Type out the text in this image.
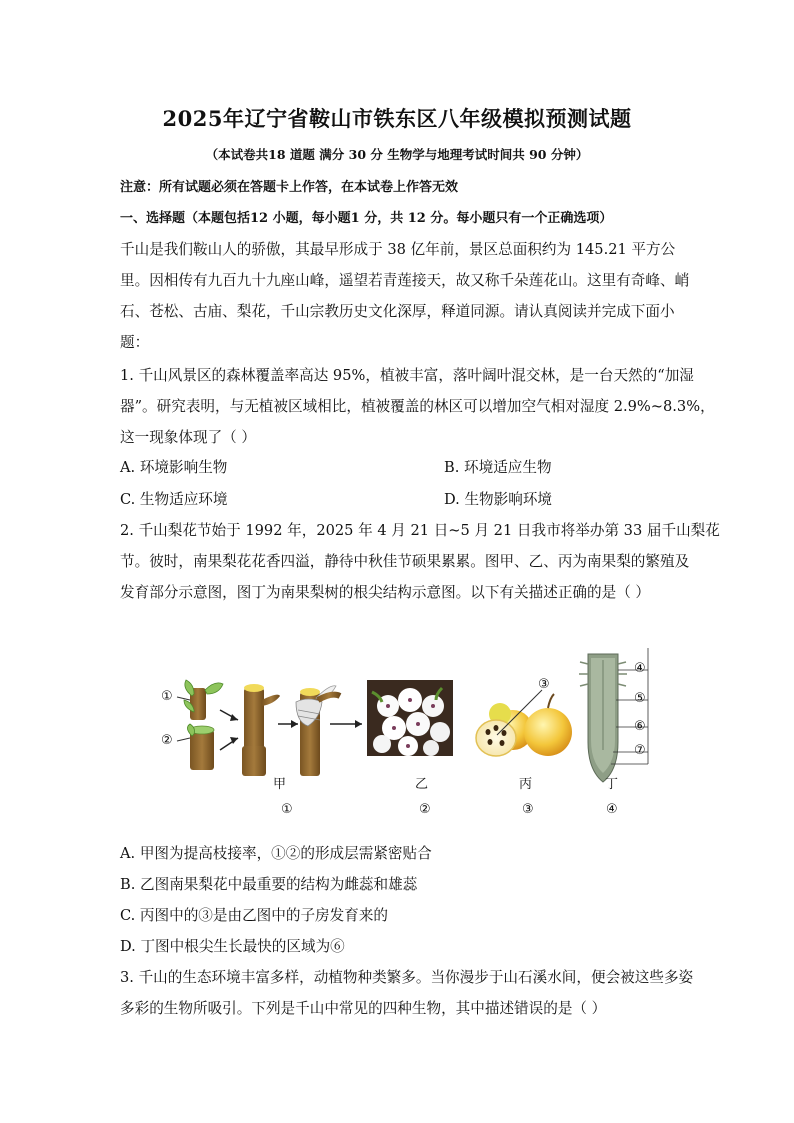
2025年辽宁省鞍山市铁东区八年级模拟预测试题
（本试卷共18 道题 满分 30 分 生物学与地理考试时间共 90 分钟）
注意：所有试题必须在答题卡上作答，在本试卷上作答无效
一、选择题（本题包括12 小题，每小题1 分，共 12 分。每小题只有一个正确选项）
千山是我们鞍山人的骄傲，其最早形成于 38 亿年前，景区总面积约为 145.21 平方公
里。因相传有九百九十九座山峰，遥望若青莲接天，故又称千朵莲花山。这里有奇峰、峭
石、苍松、古庙、梨花，千山宗教历史文化深厚，释道同源。请认真阅读并完成下面小
题：
1. 千山风景区的森林覆盖率高达 95%，植被丰富，落叶阔叶混交林，是一台天然的“加湿
器”。研究表明，与无植被区域相比，植被覆盖的林区可以增加空气相对湿度 2.9%~8.3%，
这一现象体现了（ ）
A. 环境影响生物	B. 环境适应生物
C. 生物适应环境	D. 生物影响环境
2. 千山梨花节始于 1992 年，2025 年 4 月 21 日~5 月 21 日我市将举办第 33 届千山梨花
节。彼时，南果梨花花香四溢，静待中秋佳节硕果累累。图甲、乙、丙为南果梨的繁殖及
发育部分示意图，图丁为南果梨树的根尖结构示意图。以下有关描述正确的是（ ）
①
②
③
④
⑤
⑥
⑦
甲	乙	丙	丁
①	②	③	④
A. 甲图为提高枝接率，①②的形成层需紧密贴合
B. 乙图南果梨花中最重要的结构为雌蕊和雄蕊
C. 丙图中的③是由乙图中的子房发育来的
D. 丁图中根尖生长最快的区域为⑥
3. 千山的生态环境丰富多样，动植物种类繁多。当你漫步于山石溪水间，便会被这些多姿
多彩的生物所吸引。下列是千山中常见的四种生物，其中描述错误的是（ ）
